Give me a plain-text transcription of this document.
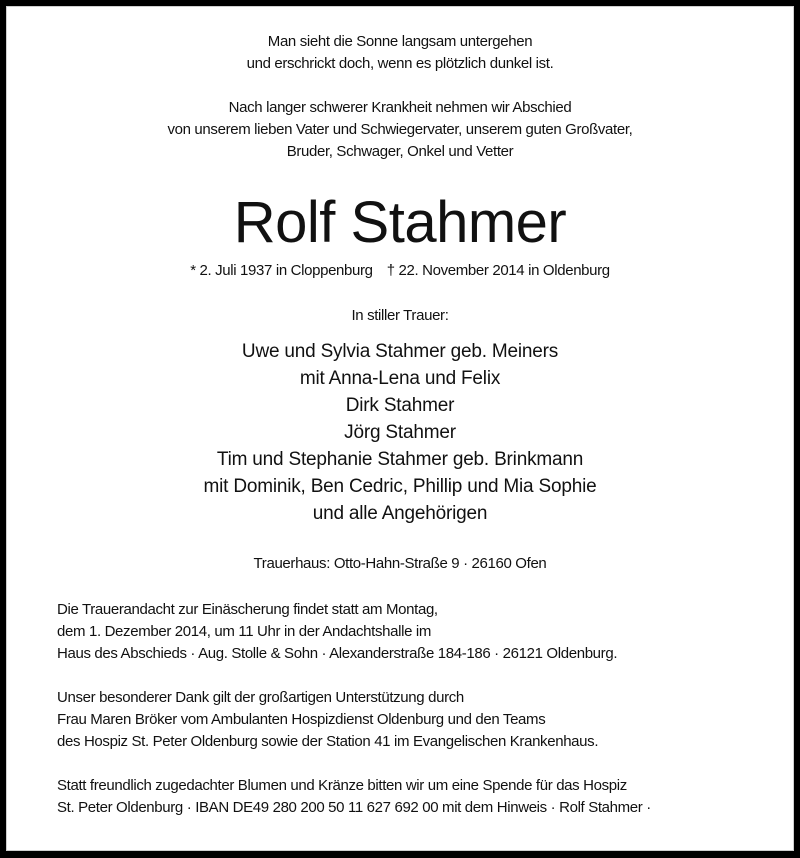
Man sieht die Sonne langsam untergehen
und erschrickt doch, wenn es plötzlich dunkel ist.
Nach langer schwerer Krankheit nehmen wir Abschied
von unserem lieben Vater und Schwiegervater, unserem guten Großvater,
Bruder, Schwager, Onkel und Vetter
Rolf Stahmer
* 2. Juli 1937 in Cloppenburg † 22. November 2014 in Oldenburg
In stiller Trauer:
Uwe und Sylvia Stahmer geb. Meiners
mit Anna-Lena und Felix
Dirk Stahmer
Jörg Stahmer
Tim und Stephanie Stahmer geb. Brinkmann
mit Dominik, Ben Cedric, Phillip und Mia Sophie
und alle Angehörigen
Trauerhaus: Otto-Hahn-Straße 9 · 26160 Ofen
Die Trauerandacht zur Einäscherung findet statt am Montag,
dem 1. Dezember 2014, um 11 Uhr in der Andachtshalle im
Haus des Abschieds · Aug. Stolle & Sohn · Alexanderstraße 184-186 · 26121 Oldenburg.
Unser besonderer Dank gilt der großartigen Unterstützung durch
Frau Maren Bröker vom Ambulanten Hospizdienst Oldenburg und den Teams
des Hospiz St. Peter Oldenburg sowie der Station 41 im Evangelischen Krankenhaus.
Statt freundlich zugedachter Blumen und Kränze bitten wir um eine Spende für das Hospiz
St. Peter Oldenburg · IBAN DE49 280 200 50 11 627 692 00 mit dem Hinweis · Rolf Stahmer ·
